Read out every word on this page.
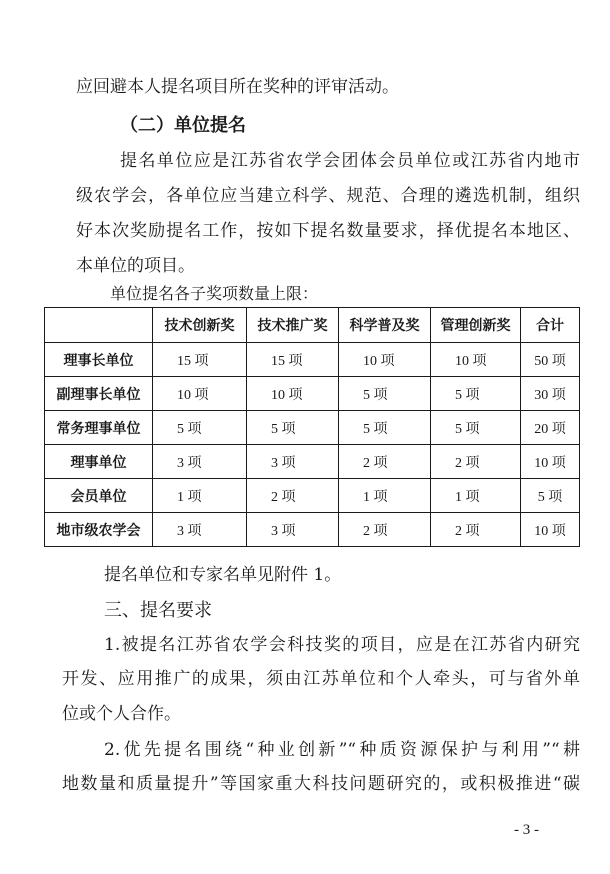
应回避本人提名项目所在奖种的评审活动。
（二）单位提名
提名单位应是江苏省农学会团体会员单位或江苏省内地市
级农学会，各单位应当建立科学、规范、合理的遴选机制，组织
好本次奖励提名工作，按如下提名数量要求，择优提名本地区、
本单位的项目。
单位提名各子奖项数量上限：
	技术创新奖	技术推广奖	科学普及奖	管理创新奖	合计
理事长单位	15 项	15 项	10 项	10 项	50 项
副理事长单位	10 项	10 项	5 项	5 项	30 项
常务理事单位	5 项	5 项	5 项	5 项	20 项
理事单位	3 项	3 项	2 项	2 项	10 项
会员单位	1 项	2 项	1 项	1 项	5 项
地市级农学会	3 项	3 项	2 项	2 项	10 项
提名单位和专家名单见附件 1。
三、提名要求
1.被提名江苏省农学会科技奖的项目，应是在江苏省内研究
开发、应用推广的成果，须由江苏单位和个人牵头，可与省外单
位或个人合作。
2.优先提名围绕“种业创新”“种质资源保护与利用”“耕
地数量和质量提升”等国家重大科技问题研究的，或积极推进“碳
- 3 -
